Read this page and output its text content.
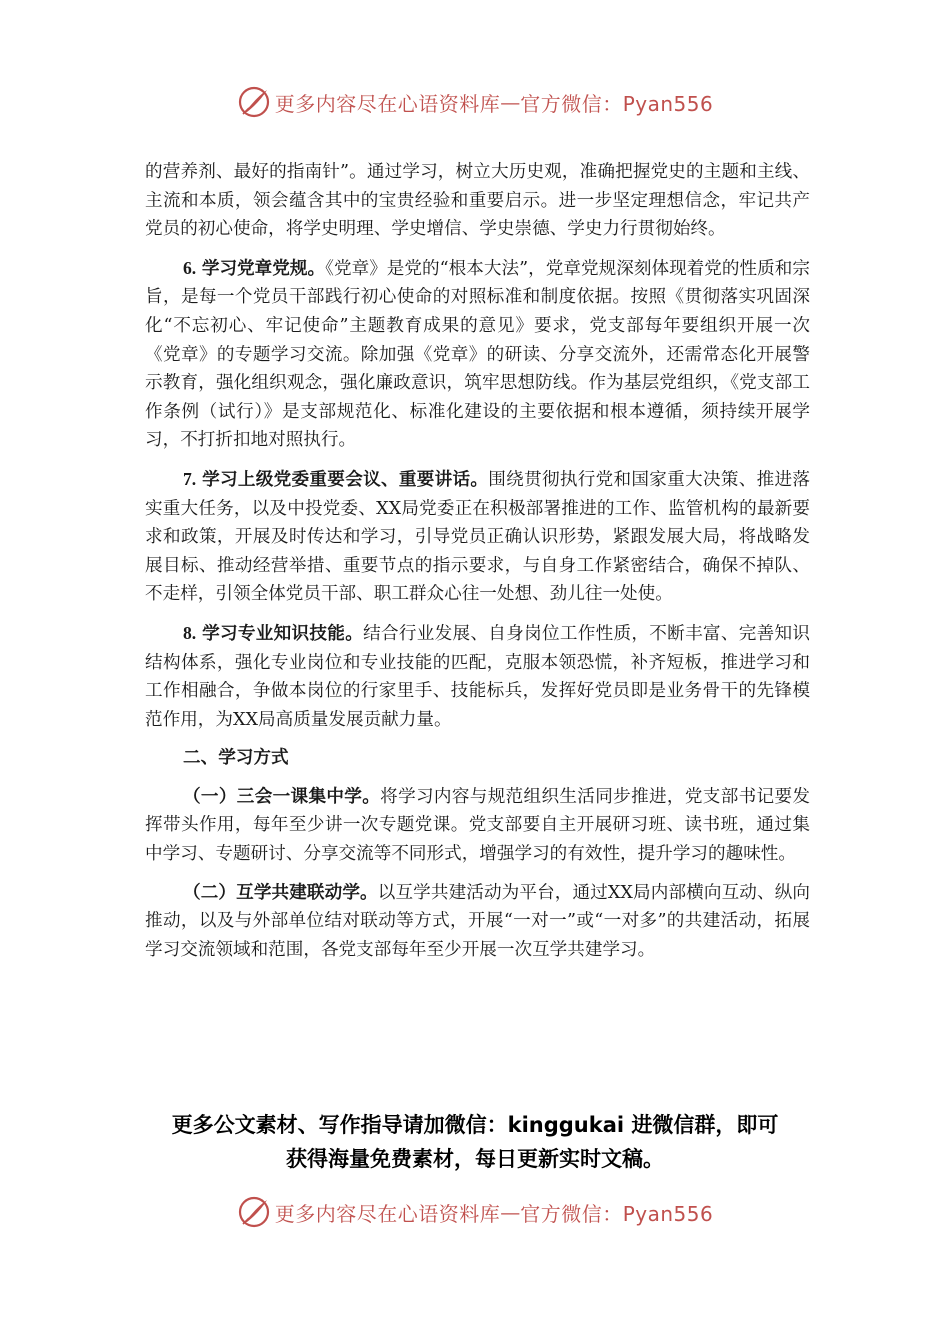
更多内容尽在心语资料库 — 官方微信：Pyan556

的营养剂、最好的指南针”。通过学习，树立大历史观，准确把握党史的主题和主线、主流和本质，领会蕴含其中的宝贵经验和重要启示。进一步坚定理想信念，牢记共产党员的初心使命，将学史明理、学史增信、学史崇德、学史力行贯彻始终。

6. 学习党章党规。《党章》是党的“根本大法”，党章党规深刻体现着党的性质和宗旨，是每一个党员干部践行初心使命的对照标准和制度依据。按照《贯彻落实巩固深化“不忘初心、牢记使命”主题教育成果的意见》要求，党支部每年要组织开展一次《党章》的专题学习交流。除加强《党章》的研读、分享交流外，还需常态化开展警示教育，强化组织观念，强化廉政意识，筑牢思想防线。作为基层党组织，《党支部工作条例（试行）》是支部规范化、标准化建设的主要依据和根本遵循，须持续开展学习，不打折扣地对照执行。

7. 学习上级党委重要会议、重要讲话。围绕贯彻执行党和国家重大决策、推进落实重大任务，以及中投党委、XX局党委正在积极部署推进的工作、监管机构的最新要求和政策，开展及时传达和学习，引导党员正确认识形势，紧跟发展大局，将战略发展目标、推动经营举措、重要节点的指示要求，与自身工作紧密结合，确保不掉队、不走样，引领全体党员干部、职工群众心往一处想、劲儿往一处使。

8. 学习专业知识技能。结合行业发展、自身岗位工作性质，不断丰富、完善知识结构体系，强化专业岗位和专业技能的匹配，克服本领恐慌，补齐短板，推进学习和工作相融合，争做本岗位的行家里手、技能标兵，发挥好党员即是业务骨干的先锋模范作用，为XX局高质量发展贡献力量。

二、学习方式

（一）三会一课集中学。将学习内容与规范组织生活同步推进，党支部书记要发挥带头作用，每年至少讲一次专题党课。党支部要自主开展研习班、读书班，通过集中学习、专题研讨、分享交流等不同形式，增强学习的有效性，提升学习的趣味性。

（二）互学共建联动学。以互学共建活动为平台，通过XX局内部横向互动、纵向推动，以及与外部单位结对联动等方式，开展“一对一”或“一对多”的共建活动，拓展学习交流领域和范围，各党支部每年至少开展一次互学共建学习。

更多公文素材、写作指导请加微信：kinggukai 进微信群，即可
获得海量免费素材，每日更新实时文稿。
更多内容尽在心语资料库 — 官方微信：Pyan556
